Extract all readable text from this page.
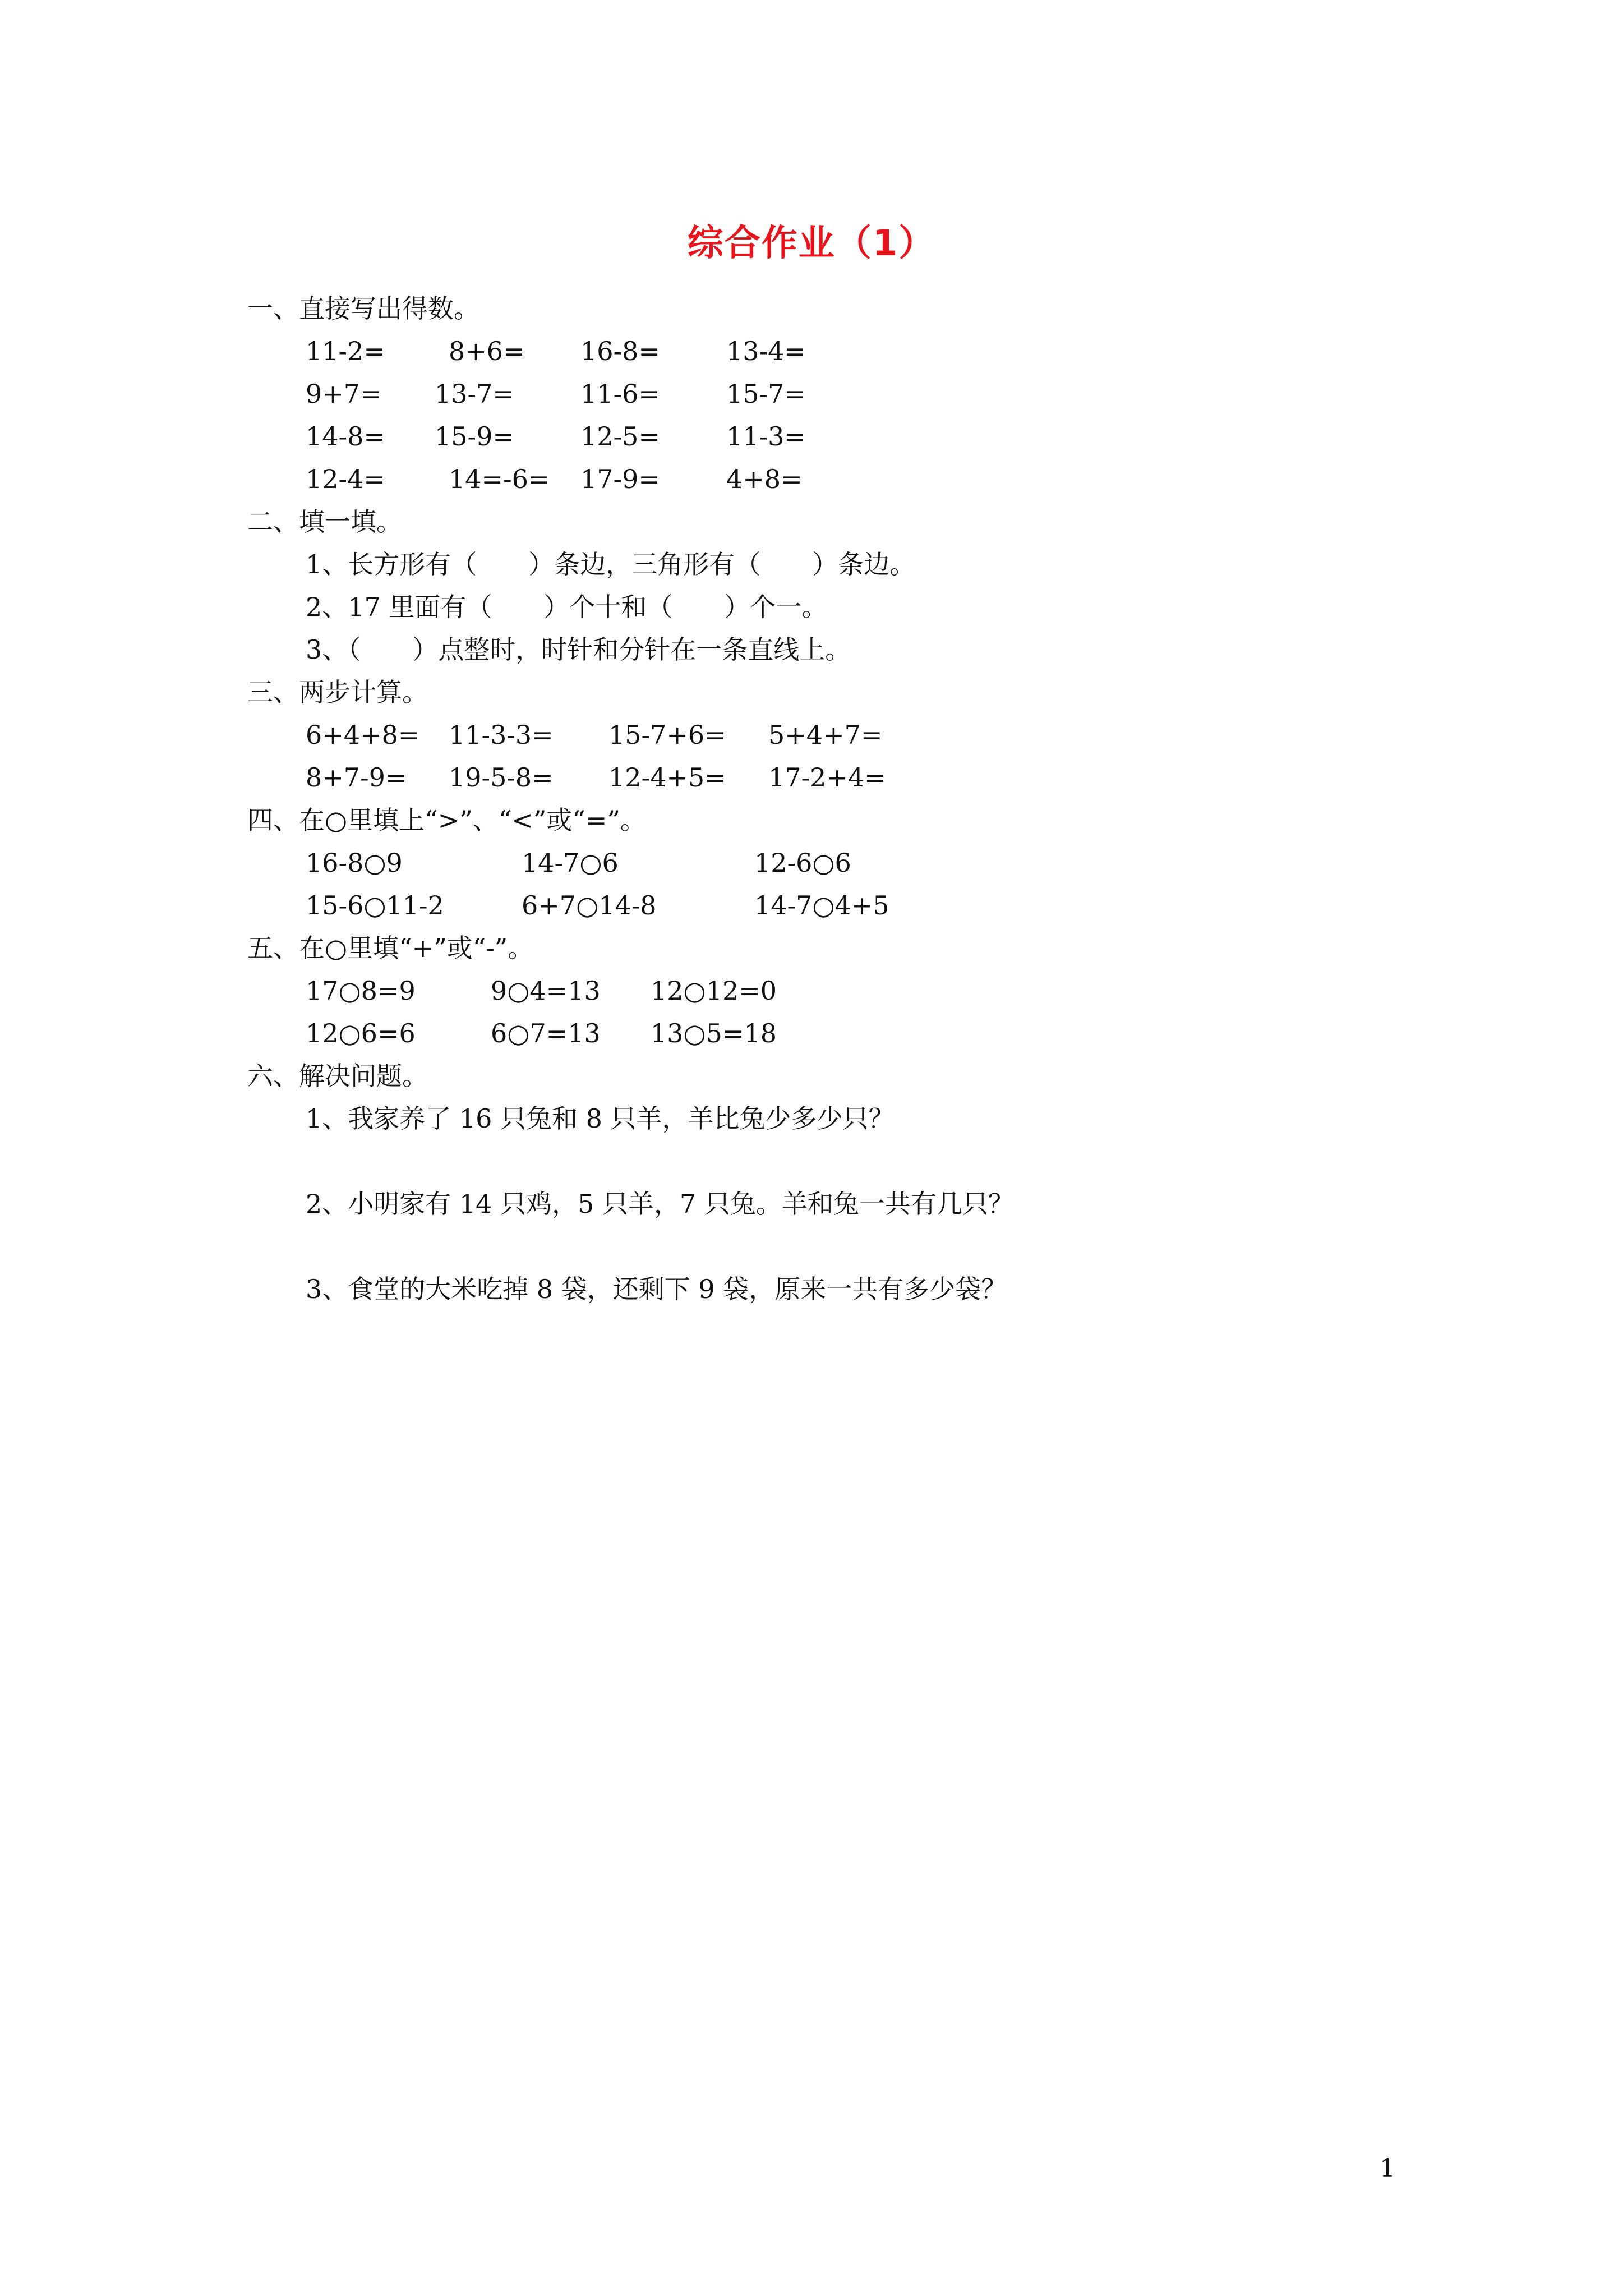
综合作业（1）
一、直接写出得数。
11-2= 8+6= 16-8=	13-4=
9+7= 13-7=	11-6=	15-7=
14-8= 15-9=	12-5=	11-3=
12-4= 14=-6= 17-9=	4+8=
二、填一填。
1、长方形有（　　）条边，三角形有（　　）条边。
2、17 里面有（　　）个十和（　　）个一。
3、（　　）点整时，时针和分针在一条直线上。
三、两步计算。
6+4+8= 11-3-3= 15-7+6= 5+4+7=
8+7-9= 19-5-8= 12-4+5= 17-2+4=
四、在○里填上“>”、“<”或“=”。
16-8○9	14-7○6	12-6○6
15-6○11-2	6+7○14-8	14-7○4+5
五、在○里填“+”或“-”。
17○8=9	9○4=13 12○12=0
12○6=6	6○7=13 13○5=18
六、解决问题。
1、我家养了 16 只兔和 8 只羊，羊比兔少多少只？
2、小明家有 14 只鸡，5 只羊，7 只兔。羊和兔一共有几只？
3、食堂的大米吃掉 8 袋，还剩下 9 袋，原来一共有多少袋？
1
